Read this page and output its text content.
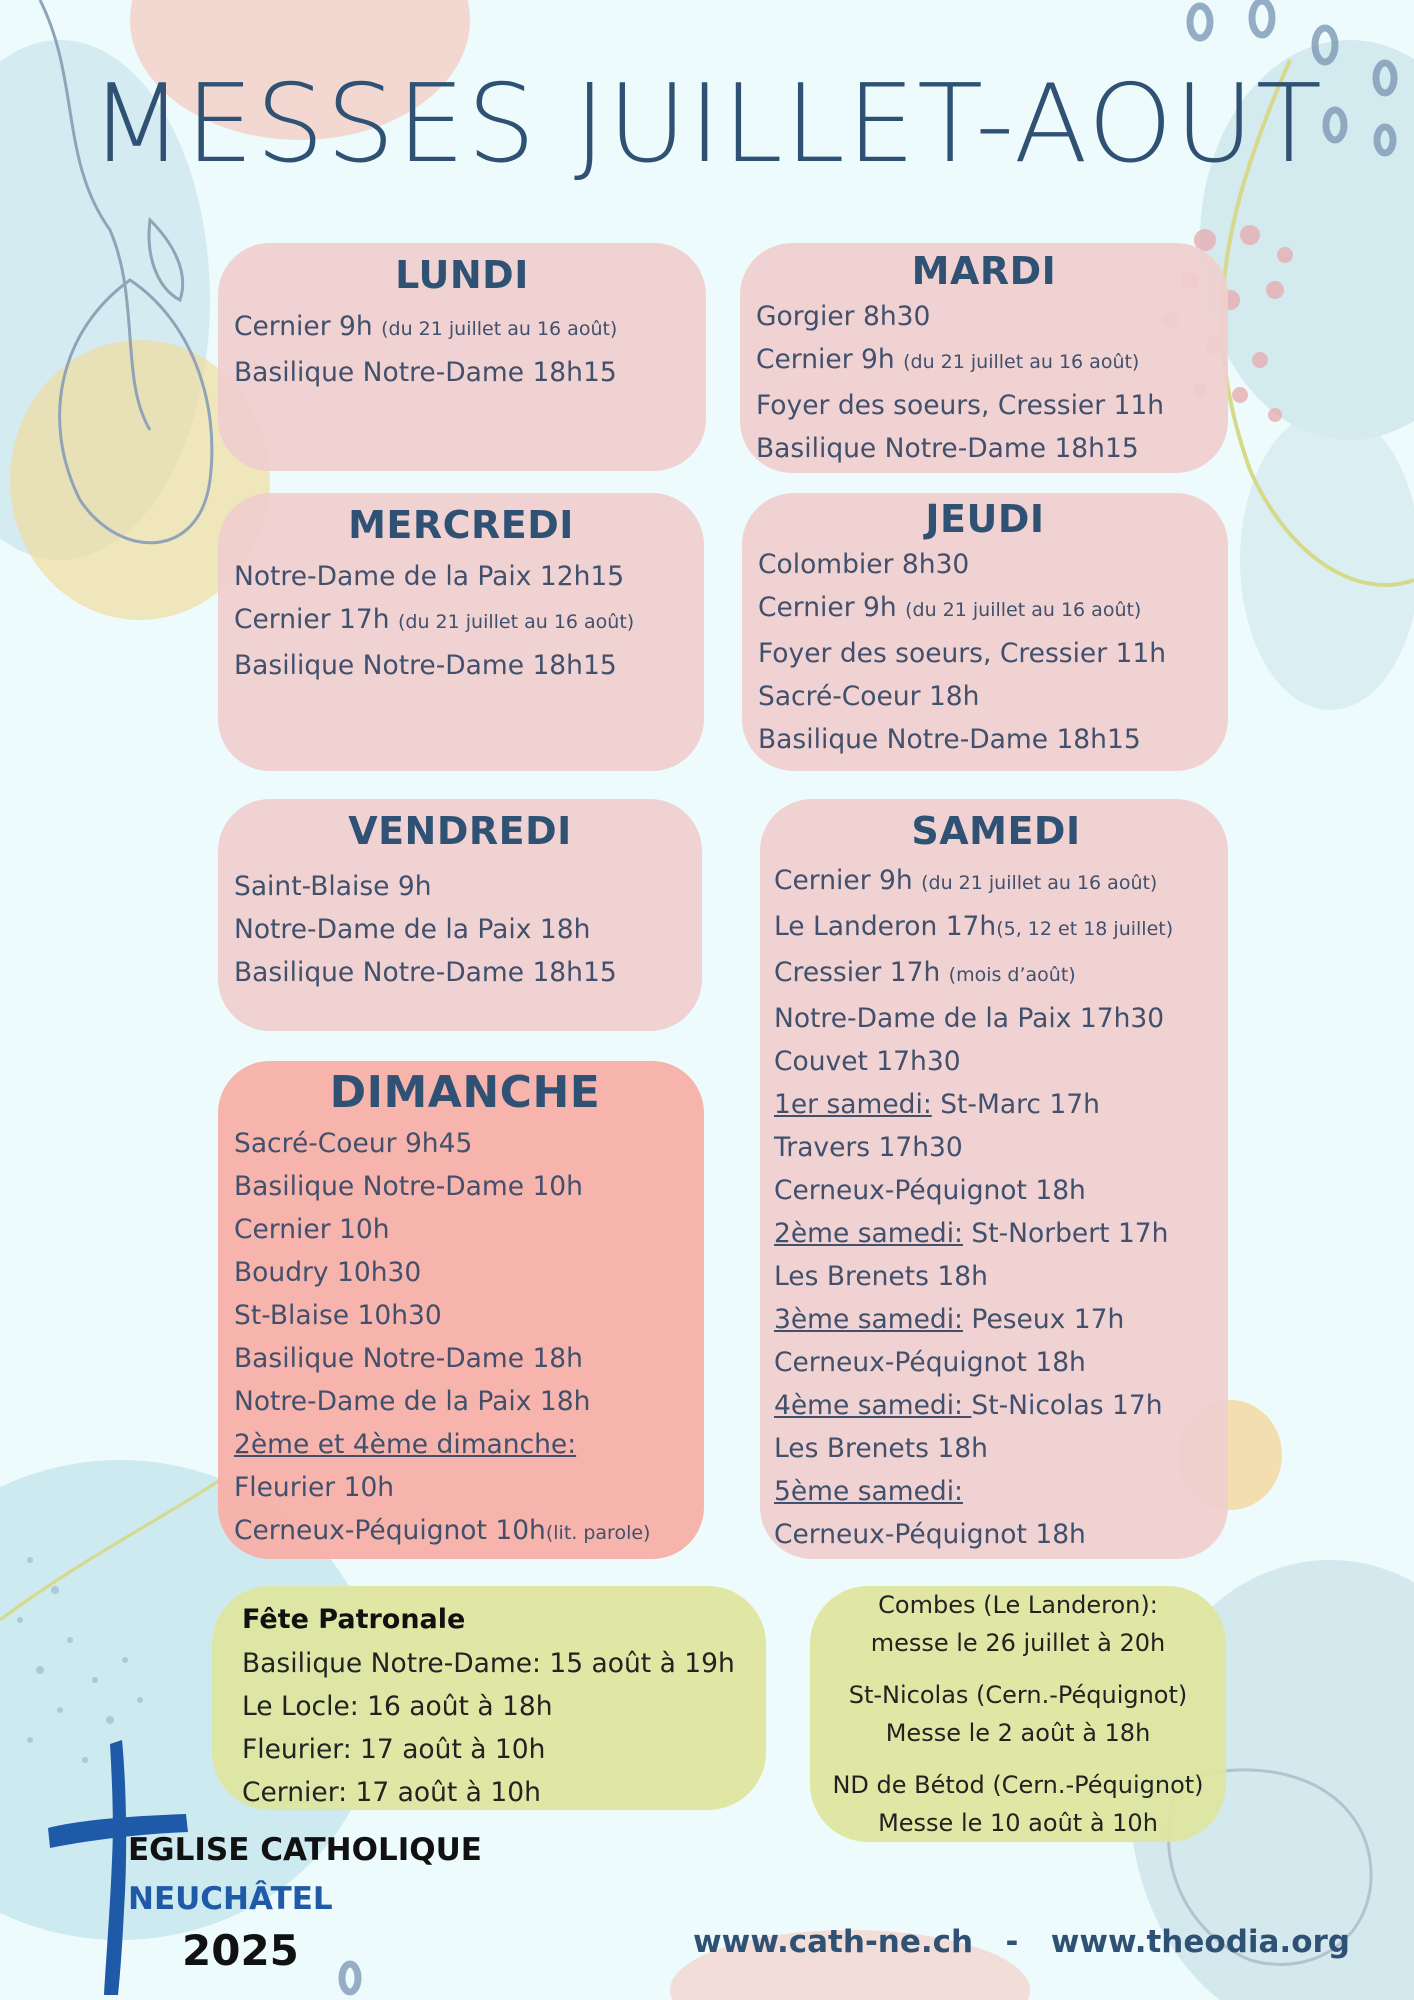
MESSES JUILLET-AOUT
LUNDI
Cernier 9h (du 21 juillet au 16 août)
Basilique Notre-Dame 18h15
MARDI
Gorgier 8h30
Cernier 9h (du 21 juillet au 16 août)
Foyer des soeurs, Cressier 11h
Basilique Notre-Dame 18h15
MERCREDI
Notre-Dame de la Paix 12h15
Cernier 17h (du 21 juillet au 16 août)
Basilique Notre-Dame 18h15
JEUDI
Colombier 8h30
Cernier 9h (du 21 juillet au 16 août)
Foyer des soeurs, Cressier 11h
Sacré-Coeur 18h
Basilique Notre-Dame 18h15
VENDREDI
Saint-Blaise 9h
Notre-Dame de la Paix 18h
Basilique Notre-Dame 18h15
SAMEDI
Cernier 9h (du 21 juillet au 16 août)
Le Landeron 17h(5, 12 et 18 juillet)
Cressier 17h (mois d’août)
Notre-Dame de la Paix 17h30
Couvet 17h30
1er samedi: St-Marc 17h
Travers 17h30
Cerneux-Péquignot 18h
2ème samedi: St-Norbert 17h
Les Brenets 18h
3ème samedi: Peseux 17h
Cerneux-Péquignot 18h
4ème samedi: St-Nicolas 17h
Les Brenets 18h
5ème samedi:
Cerneux-Péquignot 18h
DIMANCHE
Sacré-Coeur 9h45
Basilique Notre-Dame 10h
Cernier 10h
Boudry 10h30
St-Blaise 10h30
Basilique Notre-Dame 18h
Notre-Dame de la Paix 18h
2ème et 4ème dimanche:
Fleurier 10h
Cerneux-Péquignot 10h(lit. parole)
Fête Patronale
Basilique Notre-Dame: 15 août à 19h
Le Locle: 16 août à 18h
Fleurier: 17 août à 10h
Cernier: 17 août à 10h
Combes (Le Landeron):
messe le 26 juillet à 20h
St-Nicolas (Cern.-Péquignot)
Messe le 2 août à 18h
ND de Bétod (Cern.-Péquignot)
Messe le 10 août à 10h
EGLISE CATHOLIQUE
NEUCHÂTEL
2025	www.cath-ne.ch - www.theodia.org
